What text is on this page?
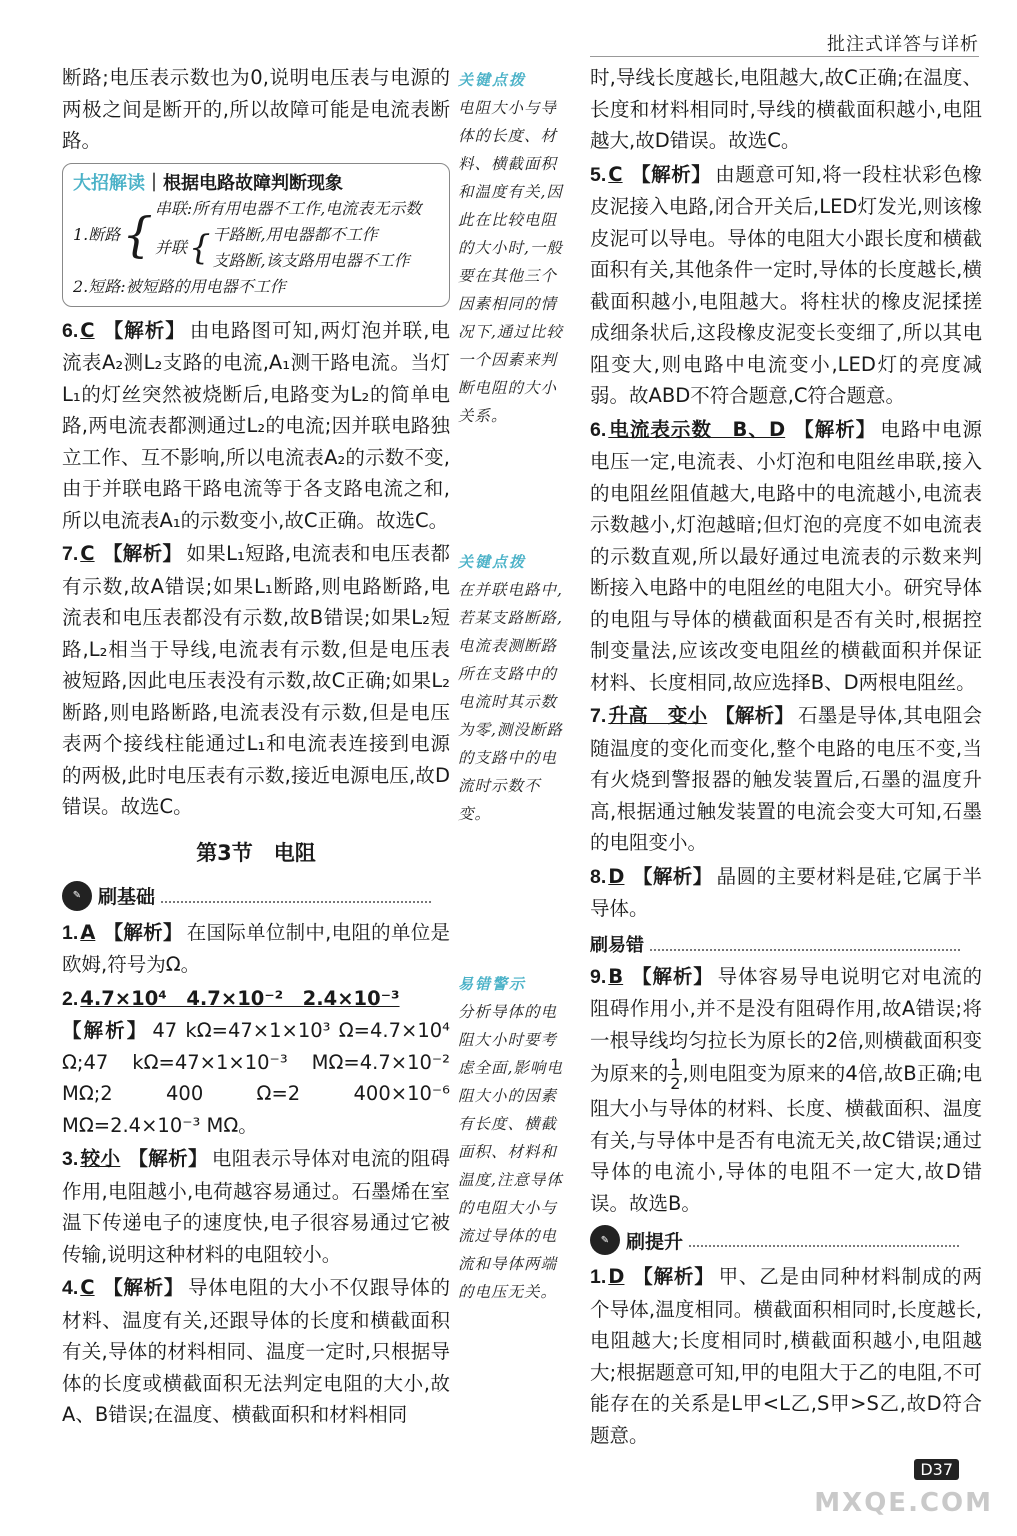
批注式详答与详析

断路;电压表示数也为0,说明电压表与电源的两极之间是断开的,所以故障可能是电流表断路。

大招解读｜根据电路故障判断现象
1.断路 { 串联:所有用电器不工作,电流表无示数
并联 { 干路断,用电器都不工作
支路断,该支路用电器不工作
2.短路:被短路的用电器不工作

6. C 【解析】 由电路图可知,两灯泡并联,电流表A₂测L₂支路的电流,A₁测干路电流。当灯L₁的灯丝突然被烧断后,电路变为L₂的简单电路,两电流表都测通过L₂的电流;因并联电路独立工作、互不影响,所以电流表A₂的示数不变,由于并联电路干路电流等于各支路电流之和,所以电流表A₁的示数变小,故C正确。故选C。

7. C 【解析】 如果L₁短路,电流表和电压表都有示数,故A错误;如果L₁断路,则电路断路,电流表和电压表都没有示数,故B错误;如果L₂短路,L₂相当于导线,电流表有示数,但是电压表被短路,因此电压表没有示数,故C正确;如果L₂断路,则电路断路,电流表没有示数,但是电压表两个接线柱能通过L₁和电流表连接到电源的两极,此时电压表有示数,接近电源电压,故D错误。故选C。

第3节　电阻
✎ 刷基础

1. A 【解析】 在国际单位制中,电阻的单位是欧姆,符号为Ω。

2. 4.7×10⁴　4.7×10⁻²　2.4×10⁻³
【解析】 47 kΩ=47×1×10³ Ω=4.7×10⁴ Ω;47 kΩ=47×1×10⁻³ MΩ=4.7×10⁻² MΩ;2 400 Ω=2 400×10⁻⁶ MΩ=2.4×10⁻³ MΩ。

3. 较小 【解析】 电阻表示导体对电流的阻碍作用,电阻越小,电荷越容易通过。石墨烯在室温下传递电子的速度快,电子很容易通过它被传输,说明这种材料的电阻较小。

4. C 【解析】 导体电阻的大小不仅跟导体的材料、温度有关,还跟导体的长度和横截面积有关,导体的材料相同、温度一定时,只根据导体的长度或横截面积无法判定电阻的大小,故A、B错误;在温度、横截面积和材料相同

关键点拨
电阻大小与导体的长度、材料、横截面积和温度有关,因此在比较电阻的大小时,一般要在其他三个因素相同的情况下,通过比较一个因素来判断电阻的大小关系。
关键点拨
在并联电路中,若某支路断路,电流表测断路所在支路中的电流时其示数为零,测没断路的支路中的电流时示数不变。
易错警示
分析导体的电阻大小时要考虑全面,影响电阻大小的因素有长度、横截面积、材料和温度,注意导体的电阻大小与流过导体的电流和导体两端的电压无关。

时,导线长度越长,电阻越大,故C正确;在温度、长度和材料相同时,导线的横截面积越小,电阻越大,故D错误。故选C。

5. C 【解析】 由题意可知,将一段柱状彩色橡皮泥接入电路,闭合开关后,LED灯发光,则该橡皮泥可以导电。导体的电阻大小跟长度和横截面积有关,其他条件一定时,导体的长度越长,横截面积越小,电阻越大。将柱状的橡皮泥揉搓成细条状后,这段橡皮泥变长变细了,所以其电阻变大,则电路中电流变小,LED灯的亮度减弱。故ABD不符合题意,C符合题意。

6. 电流表示数　B、D 【解析】 电路中电源电压一定,电流表、小灯泡和电阻丝串联,接入的电阻丝阻值越大,电路中的电流越小,电流表示数越小,灯泡越暗;但灯泡的亮度不如电流表的示数直观,所以最好通过电流表的示数来判断接入电路中的电阻丝的电阻大小。研究导体的电阻与导体的横截面积是否有关时,根据控制变量法,应该改变电阻丝的横截面积并保证材料、长度相同,故应选择B、D两根电阻丝。

7. 升高　变小 【解析】 石墨是导体,其电阻会随温度的变化而变化,整个电路的电压不变,当有火烧到警报器的触发装置后,石墨的温度升高,根据通过触发装置的电流会变大可知,石墨的电阻变小。

8. D 【解析】 晶圆的主要材料是硅,它属于半导体。

刷易错

9. B 【解析】 导体容易导电说明它对电流的阻碍作用小,并不是没有阻碍作用,故A错误;将一根导线均匀拉长为原长的2倍,则横截面积变为原来的 $\frac{1}{2}$ ,则电阻变为原来的4倍,故B正确;电阻大小与导体的材料、长度、横截面积、温度有关,与导体中是否有电流无关,故C错误;通过导体的电流小,导体的电阻不一定大,故D错误。故选B。

✎ 刷提升

1. D 【解析】 甲、乙是由同种材料制成的两个导体,温度相同。横截面积相同时,长度越长,电阻越大;长度相同时,横截面积越小,电阻越大;根据题意可知,甲的电阻大于乙的电阻,不可能存在的关系是L甲<L乙,S甲>S乙,故D符合题意。

D37
MXQE.COM
